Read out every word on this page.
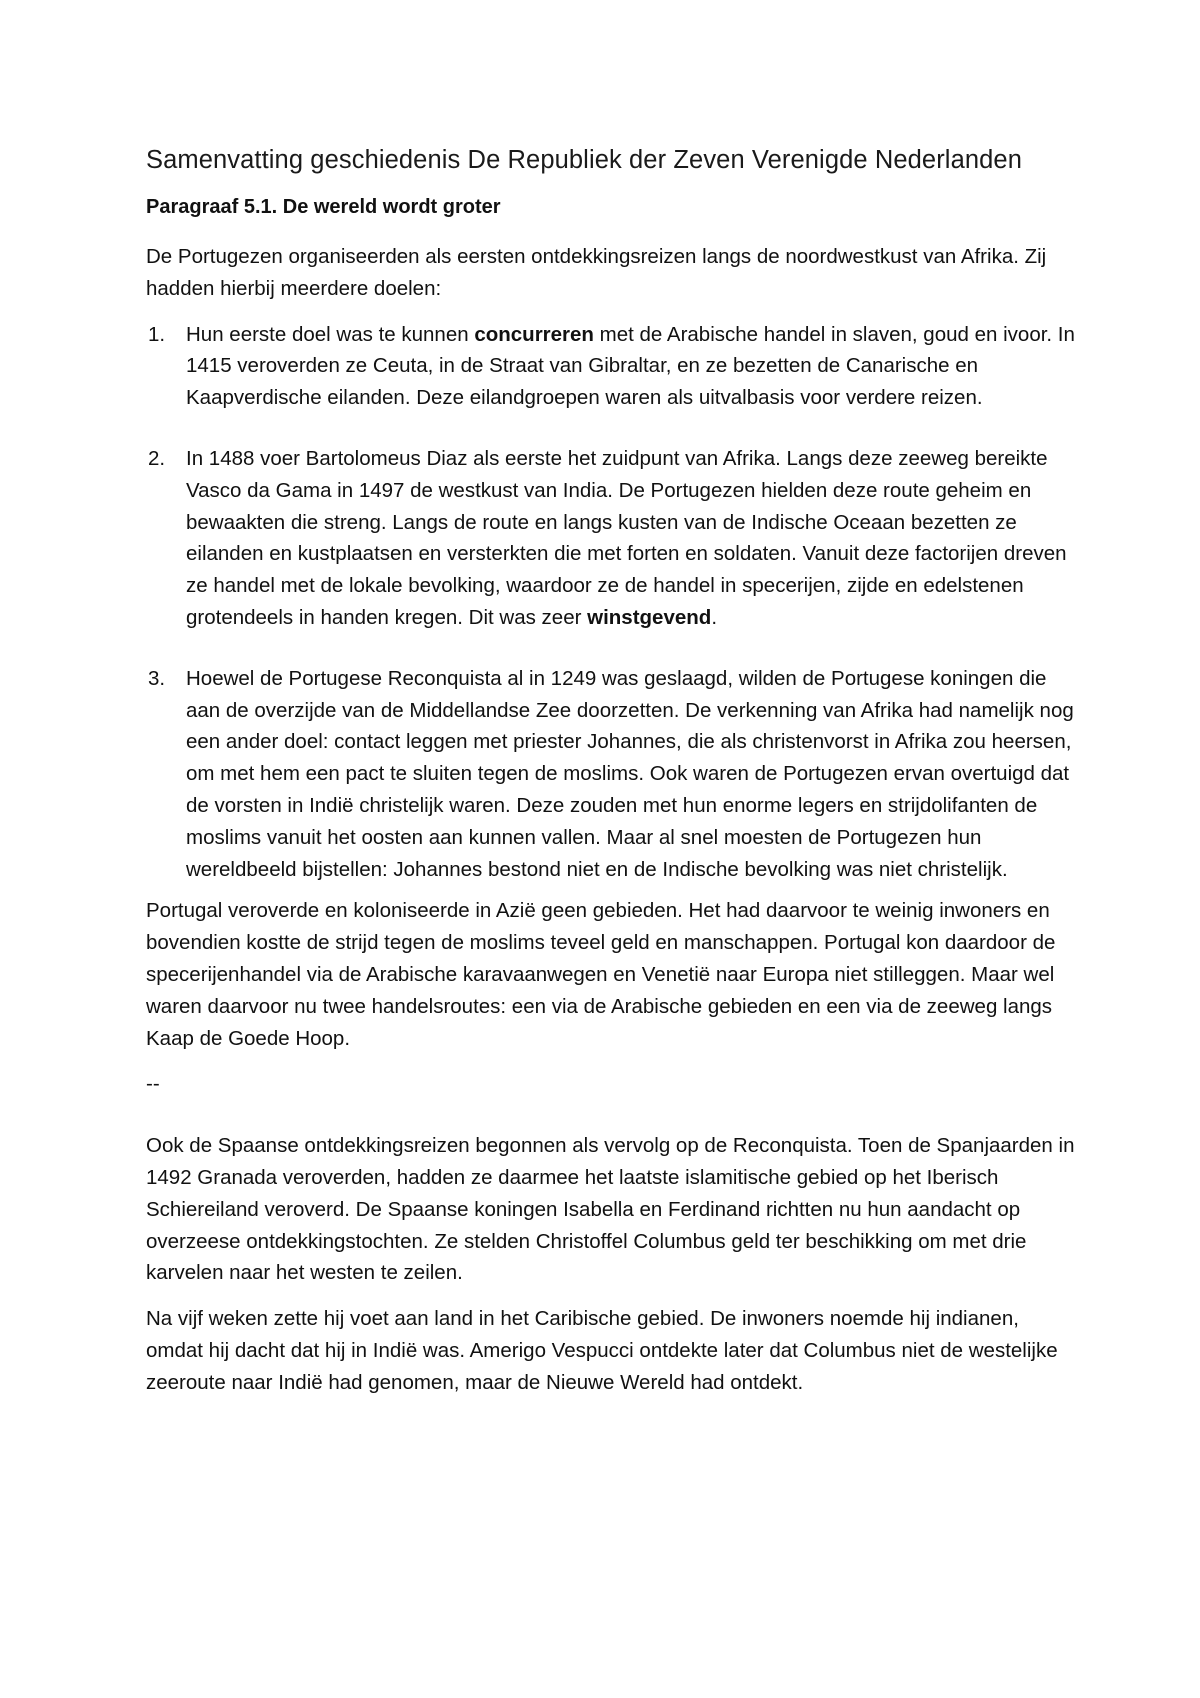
Samenvatting geschiedenis De Republiek der Zeven Verenigde Nederlanden
Paragraaf 5.1. De wereld wordt groter

De Portugezen organiseerden als eersten ontdekkingsreizen langs de noordwestkust van Afrika. Zij hadden hierbij meerdere doelen:

1. Hun eerste doel was te kunnen concurreren met de Arabische handel in slaven, goud en ivoor. In 1415 veroverden ze Ceuta, in de Straat van Gibraltar, en ze bezetten de Canarische en Kaapverdische eilanden. Deze eilandgroepen waren als uitvalbasis voor verdere reizen.
2. In 1488 voer Bartolomeus Diaz als eerste het zuidpunt van Afrika. Langs deze zeeweg bereikte Vasco da Gama in 1497 de westkust van India. De Portugezen hielden deze route geheim en bewaakten die streng. Langs de route en langs kusten van de Indische Oceaan bezetten ze eilanden en kustplaatsen en versterkten die met forten en soldaten. Vanuit deze factorijen dreven ze handel met de lokale bevolking, waardoor ze de handel in specerijen, zijde en edelstenen grotendeels in handen kregen. Dit was zeer winstgevend.
3. Hoewel de Portugese Reconquista al in 1249 was geslaagd, wilden de Portugese koningen die aan de overzijde van de Middellandse Zee doorzetten. De verkenning van Afrika had namelijk nog een ander doel: contact leggen met priester Johannes, die als christenvorst in Afrika zou heersen, om met hem een pact te sluiten tegen de moslims. Ook waren de Portugezen ervan overtuigd dat de vorsten in Indië christelijk waren. Deze zouden met hun enorme legers en strijdolifanten de moslims vanuit het oosten aan kunnen vallen. Maar al snel moesten de Portugezen hun wereldbeeld bijstellen: Johannes bestond niet en de Indische bevolking was niet christelijk.

Portugal veroverde en koloniseerde in Azië geen gebieden. Het had daarvoor te weinig inwoners en bovendien kostte de strijd tegen de moslims teveel geld en manschappen. Portugal kon daardoor de specerijenhandel via de Arabische karavaanwegen en Venetië naar Europa niet stilleggen. Maar wel waren daarvoor nu twee handelsroutes: een via de Arabische gebieden en een via de zeeweg langs Kaap de Goede Hoop.

--

Ook de Spaanse ontdekkingsreizen begonnen als vervolg op de Reconquista. Toen de Spanjaarden in 1492 Granada veroverden, hadden ze daarmee het laatste islamitische gebied op het Iberisch Schiereiland veroverd. De Spaanse koningen Isabella en Ferdinand richtten nu hun aandacht op overzeese ontdekkingstochten. Ze stelden Christoffel Columbus geld ter beschikking om met drie karvelen naar het westen te zeilen.

Na vijf weken zette hij voet aan land in het Caribische gebied. De inwoners noemde hij indianen, omdat hij dacht dat hij in Indië was. Amerigo Vespucci ontdekte later dat Columbus niet de westelijke zeeroute naar Indië had genomen, maar de Nieuwe Wereld had ontdekt.
